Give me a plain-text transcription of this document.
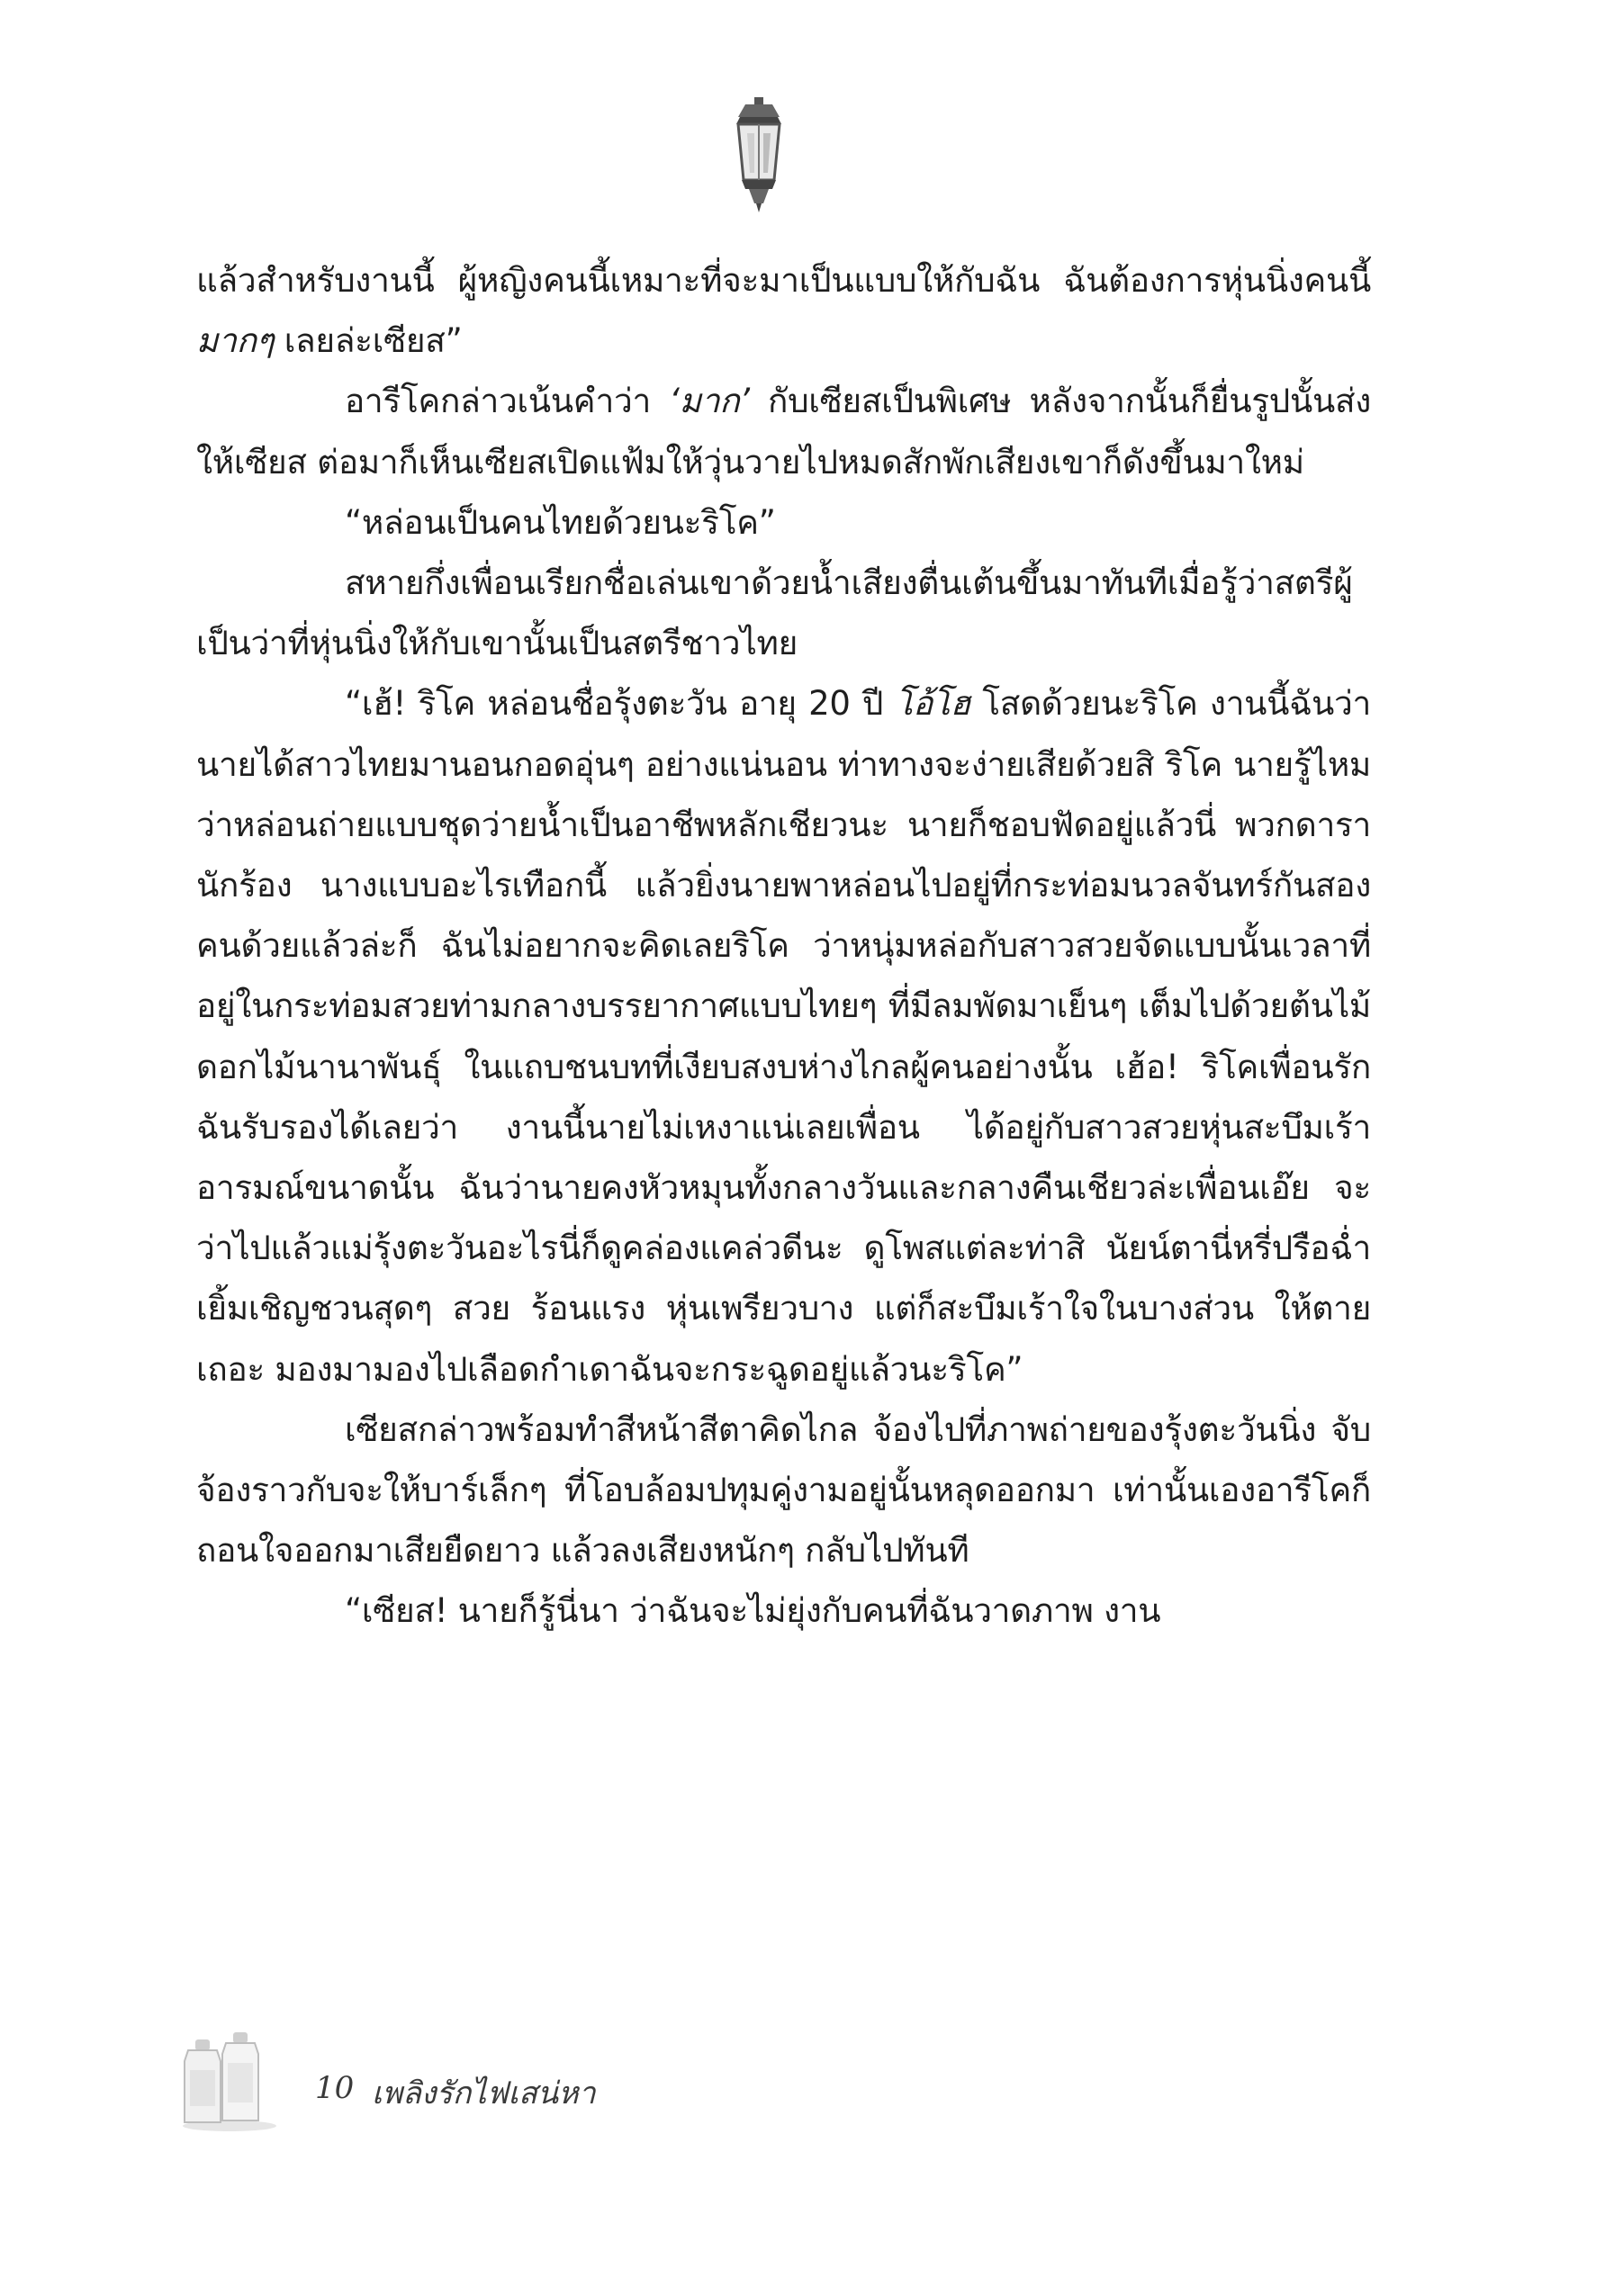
แล้วสำหรับงานนี้ ผู้หญิงคนนี้เหมาะที่จะมาเป็นแบบให้กับฉัน ฉันต้องการหุ่นนิ่งคนนี้มากๆ เลยล่ะเซียส”

อารีโคกล่าวเน้นคำว่า ‘มาก’ กับเซียสเป็นพิเศษ หลังจากนั้นก็ยื่นรูปนั้นส่งให้เซียส ต่อมาก็เห็นเซียสเปิดแฟ้มให้วุ่นวายไปหมดสักพักเสียงเขาก็ดังขึ้นมาใหม่

“หล่อนเป็นคนไทยด้วยนะริโค”

สหายกึ่งเพื่อนเรียกชื่อเล่นเขาด้วยน้ำเสียงตื่นเต้นขึ้นมาทันทีเมื่อรู้ว่าสตรีผู้เป็นว่าที่หุ่นนิ่งให้กับเขานั้นเป็นสตรีชาวไทย

“เฮ้! ริโค หล่อนชื่อรุ้งตะวัน อายุ 20 ปี โอ้โฮ โสดด้วยนะริโค งานนี้ฉันว่านายได้สาวไทยมานอนกอดอุ่นๆ อย่างแน่นอน ท่าทางจะง่ายเสียด้วยสิ ริโค นายรู้ไหมว่าหล่อนถ่ายแบบชุดว่ายน้ำเป็นอาชีพหลักเชียวนะ นายก็ชอบฟัดอยู่แล้วนี่ พวกดารา นักร้อง นางแบบอะไรเทือกนี้ แล้วยิ่งนายพาหล่อนไปอยู่ที่กระท่อมนวลจันทร์กันสองคนด้วยแล้วล่ะก็ ฉันไม่อยากจะคิดเลยริโค ว่าหนุ่มหล่อกับสาวสวยจัดแบบนั้นเวลาที่อยู่ในกระท่อมสวยท่ามกลางบรรยากาศแบบไทยๆ ที่มีลมพัดมาเย็นๆ เต็มไปด้วยต้นไม้ดอกไม้นานาพันธุ์ ในแถบชนบทที่เงียบสงบห่างไกลผู้คนอย่างนั้น เฮ้อ! ริโคเพื่อนรัก ฉันรับรองได้เลยว่า งานนี้นายไม่เหงาแน่เลยเพื่อน ได้อยู่กับสาวสวยหุ่นสะบึมเร้าอารมณ์ขนาดนั้น ฉันว่านายคงหัวหมุนทั้งกลางวันและกลางคืนเชียวล่ะเพื่อนเอ๊ย จะว่าไปแล้วแม่รุ้งตะวันอะไรนี่ก็ดูคล่องแคล่วดีนะ ดูโพสแต่ละท่าสิ นัยน์ตานี่หรี่ปรือฉ่ำเยิ้มเชิญชวนสุดๆ สวย ร้อนแรง หุ่นเพรียวบาง แต่ก็สะบึมเร้าใจในบางส่วน ให้ตายเถอะ มองมามองไปเลือดกำเดาฉันจะกระฉูดอยู่แล้วนะริโค”

เซียสกล่าวพร้อมทำสีหน้าสีตาคิดไกล จ้องไปที่ภาพถ่ายของรุ้งตะวันนิ่ง จับจ้องราวกับจะให้บาร์เล็กๆ ที่โอบล้อมปทุมคู่งามอยู่นั้นหลุดออกมา เท่านั้นเองอารีโคก็ถอนใจออกมาเสียยืดยาว แล้วลงเสียงหนักๆ กลับไปทันที

“เซียส! นายก็รู้นี่นา ว่าฉันจะไม่ยุ่งกับคนที่ฉันวาดภาพ งาน

10 เพลิงรักไฟเสน่หา
